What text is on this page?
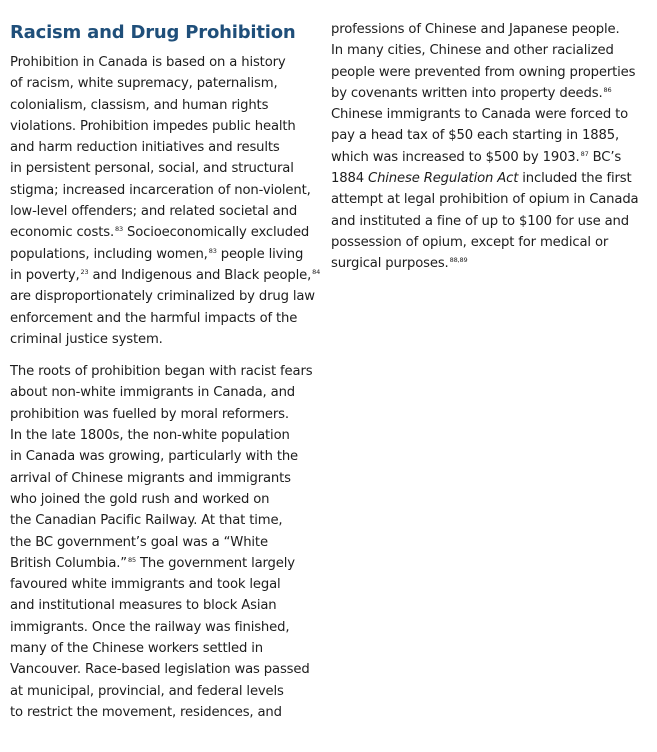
Racism and Drug Prohibition

Prohibition in Canada is based on a history
of racism, white supremacy, paternalism,
colonialism, classism, and human rights
violations. Prohibition impedes public health
and harm reduction initiatives and results
in persistent personal, social, and structural
stigma; increased incarceration of non-violent,
low-level offenders; and related societal and
economic costs.$^{83}$ Socioeconomically excluded
populations, including women,$^{83}$ people living
in poverty,$^{23}$ and Indigenous and Black people,$^{84}$
are disproportionately criminalized by drug law
enforcement and the harmful impacts of the
criminal justice system.

The roots of prohibition began with racist fears
about non-white immigrants in Canada, and
prohibition was fuelled by moral reformers.
In the late 1800s, the non-white population
in Canada was growing, particularly with the
arrival of Chinese migrants and immigrants
who joined the gold rush and worked on
the Canadian Pacific Railway. At that time,
the BC government’s goal was a “White
British Columbia.”$^{85}$ The government largely
favoured white immigrants and took legal
and institutional measures to block Asian
immigrants. Once the railway was finished,
many of the Chinese workers settled in
Vancouver. Race-based legislation was passed
at municipal, provincial, and federal levels
to restrict the movement, residences, and

professions of Chinese and Japanese people.
In many cities, Chinese and other racialized
people were prevented from owning properties
by covenants written into property deeds.$^{86}$
Chinese immigrants to Canada were forced to
pay a head tax of $50 each starting in 1885,
which was increased to $500 by 1903.87 BC’s
1884 Chinese Regulation Act included the first
attempt at legal prohibition of opium in Canada
and instituted a fine of up to $100 for use and
possession of opium, except for medical or
surgical purposes.$^{88,89}$
